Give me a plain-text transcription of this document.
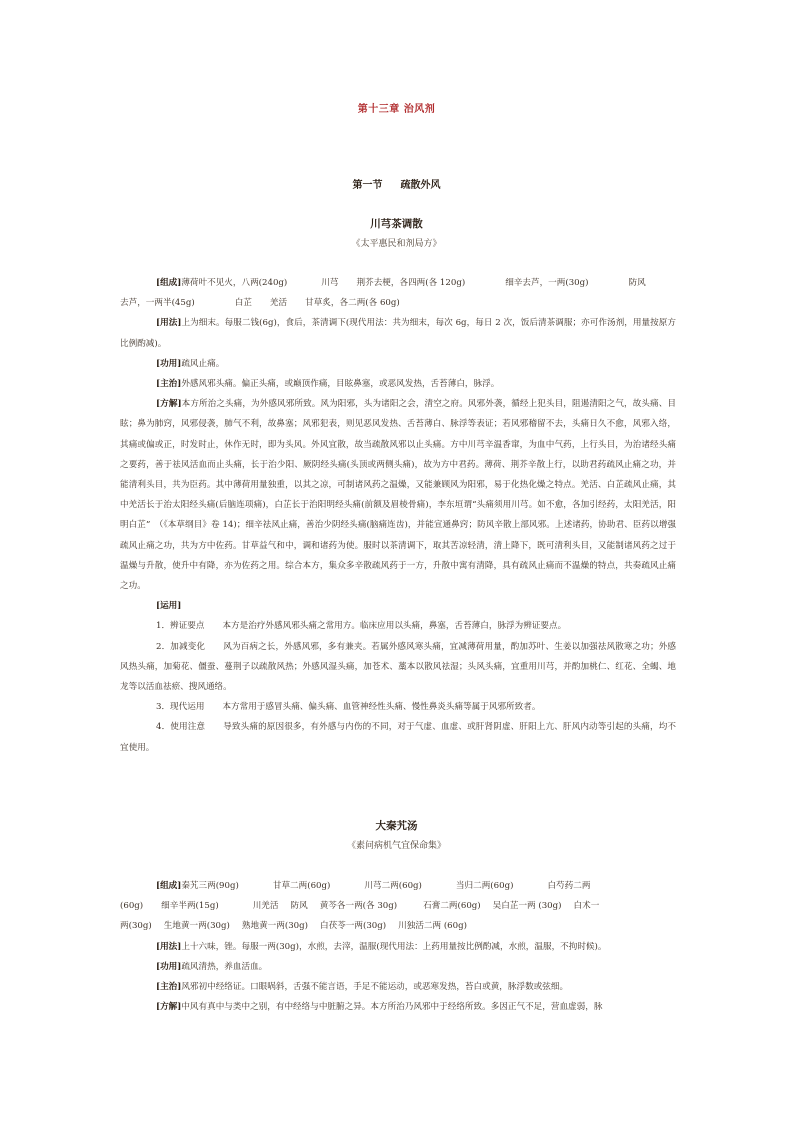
第十三章 治风剂
第一节 疏散外风
川芎茶调散
《太平惠民和剂局方》

[组成]薄荷叶不见火，八两(240g)	川芎 荆芥去梗，各四两(各 120g)	细辛去芦，一两(30g)	防风

去芦，一两半(45g)	白芷 羌活 甘草炙，各二两(各 60g)

[用法]上为细末。每服二钱(6g)，食后，茶清调下(现代用法：共为细末，每次 6g，每日 2 次，饭后清茶调服；亦可作汤剂，用量按原方比例酌减)。

[功用]疏风止痛。

[主治]外感风邪头痛。偏正头痛，或巅顶作痛，目眩鼻塞，或恶风发热，舌苔薄白，脉浮。

[方解]本方所治之头痛，为外感风邪所致。风为阳邪，头为诸阳之会，清空之府。风邪外袭，循经上犯头目，阻遏清阳之气，故头痛、目眩；鼻为肺窍，风邪侵袭，肺气不利，故鼻塞；风邪犯表，则见恶风发热、舌苔薄白、脉浮等表证；若风邪稽留不去，头痛日久不愈，风邪入络，其痛或偏或正，时发时止，休作无时，即为头风。外风宜散，故当疏散风邪以止头痛。方中川芎辛温香窜，为血中气药，上行头目，为治诸经头痛之要药，善于祛风活血而止头痛，长于治少阳、厥阴经头痛(头顶或两侧头痛)，故为方中君药。薄荷、荆芥辛散上行，以助君药疏风止痛之功，并能清利头目，共为臣药。其中薄荷用量独重，以其之凉，可制诸风药之温燥，又能兼顾风为阳邪，易于化热化燥之特点。羌活、白芷疏风止痛，其中羌活长于治太阳经头痛(后脑连项痛)，白芷长于治阳明经头痛(前额及眉棱骨痛)，李东垣谓“头痛须用川芎。如不愈，各加引经药，太阳羌活，阳明白芷”　（《本草纲目》卷 14)；细辛祛风止痛，善治少阴经头痛(脑痛连齿)，并能宣通鼻窍；防风辛散上部风邪。上述诸药，协助君、臣药以增强疏风止痛之功，共为方中佐药。甘草益气和中，调和诸药为使。服时以茶清调下，取其苦凉轻清，清上降下，既可清利头目，又能制诸风药之过于温燥与升散，使升中有降，亦为佐药之用。综合本方，集众多辛散疏风药于一方，升散中寓有清降，具有疏风止痛而不温燥的特点，共奏疏风止痛之功。

[运用]

1．辨证要点 本方是治疗外感风邪头痛之常用方。临床应用以头痛，鼻塞，舌苔薄白，脉浮为辨证要点。

2．加减变化 风为百病之长，外感风邪，多有兼夹。若属外感风寒头痛，宜减薄荷用量，酌加苏叶、生姜以加强祛风散寒之功；外感风热头痛，加菊花、僵蚕、蔓荆子以疏散风热；外感风湿头痛，加苍术、藁本以散风祛湿；头风头痛，宜重用川芎，并酌加桃仁、红花、全蝎、地龙等以活血祛瘀、搜风通络。

3．现代运用 本方常用于感冒头痛、偏头痛、血管神经性头痛、慢性鼻炎头痛等属于风邪所致者。

4．使用注意 导致头痛的原因很多，有外感与内伤的不同，对于气虚、血虚、或肝肾阴虚、肝阳上亢、肝风内动等引起的头痛，均不宜使用。

大秦艽汤
《素问病机气宜保命集》

[组成]秦艽三两(90g)	甘草二两(60g)	川芎二两(60g)	当归二两(60g)	白芍药二两

(60g) 细辛半两(15g)	川羌活 防风 黄芩各一两(各 30g)	石膏二两(60g) 吴白芷一两 (30g) 白术一

两(30g) 生地黄一两(30g) 熟地黄一两(30g) 白茯苓一两(30g) 川独活二两 (60g)

[用法]上十六味，锉。每服一两(30g)，水煎，去滓，温服(现代用法：上药用量按比例酌减，水煎，温服，不拘时候)。

[功用]疏风清热，养血活血。

[主治]风邪初中经络证。口眼㖞斜，舌强不能言语，手足不能运动，或恶寒发热，苔白或黄，脉浮数或弦细。

[方解]中风有真中与类中之别，有中经络与中脏腑之异。本方所治乃风邪中于经络所致。多因正气不足，营血虚弱，脉
